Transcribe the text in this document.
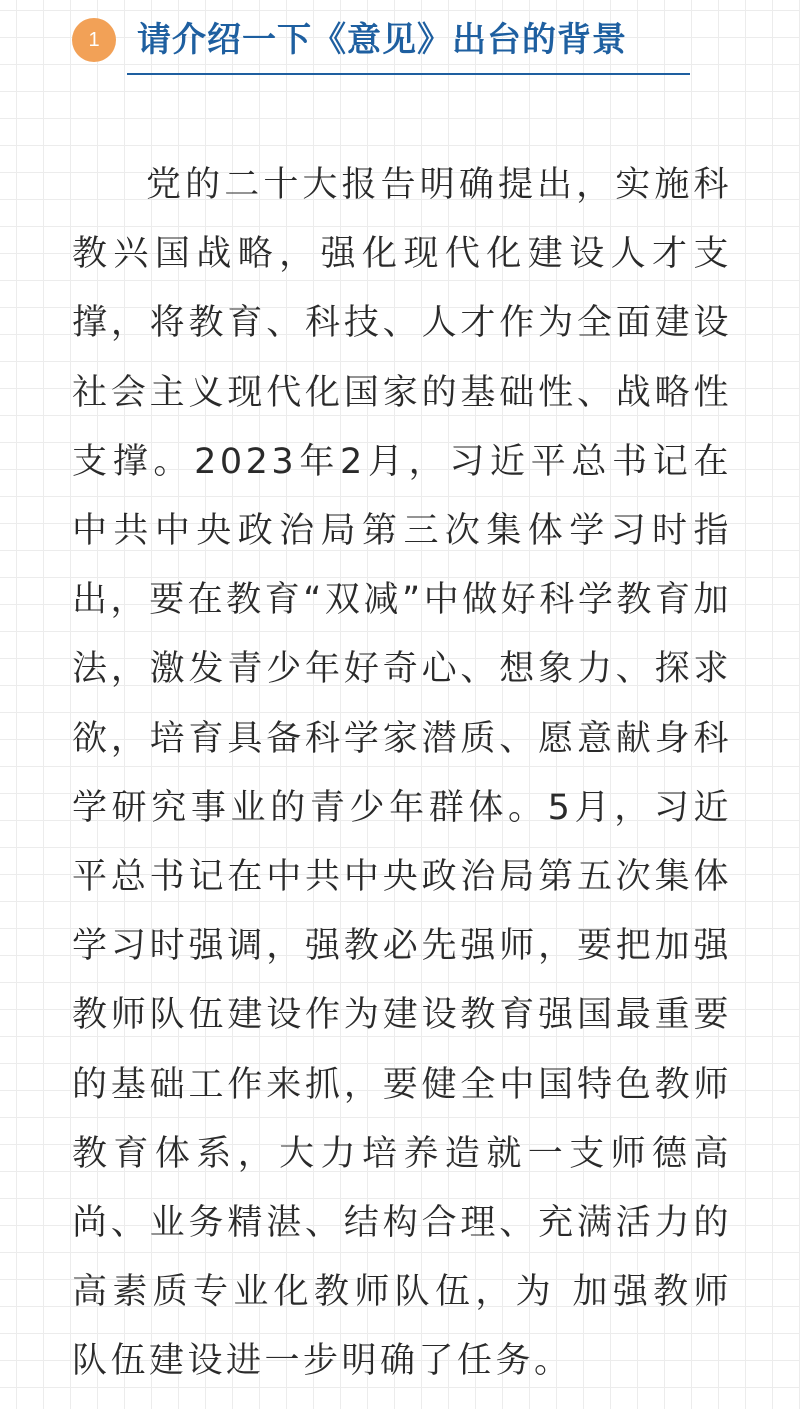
1	请介绍一下《意见》出台的背景

党的二十大报告明确提出，实施科教兴国战略，强化现代化建设人才支撑，将教育、科技、人才作为全面建设社会主义现代化国家的基础性、战略性支撑。2023年2月，习近平总书记在中共中央政治局第三次集体学习时指出，要在教育“双减”中做好科学教育加法，激发青少年好奇心、想象力、探求欲，培育具备科学家潜质、愿意献身科学研究事业的青少年群体。5月，习近平总书记在中共中央政治局第五次集体学习时强调，强教必先强师，要把加强教师队伍建设作为建设教育强国最重要的基础工作来抓，要健全中国特色教师教育体系，大力培养造就一支师德高尚、业务精湛、结构合理、充满活力的高素质专业化教师队伍，为 加强教师队伍建设进一步明确了任务。
